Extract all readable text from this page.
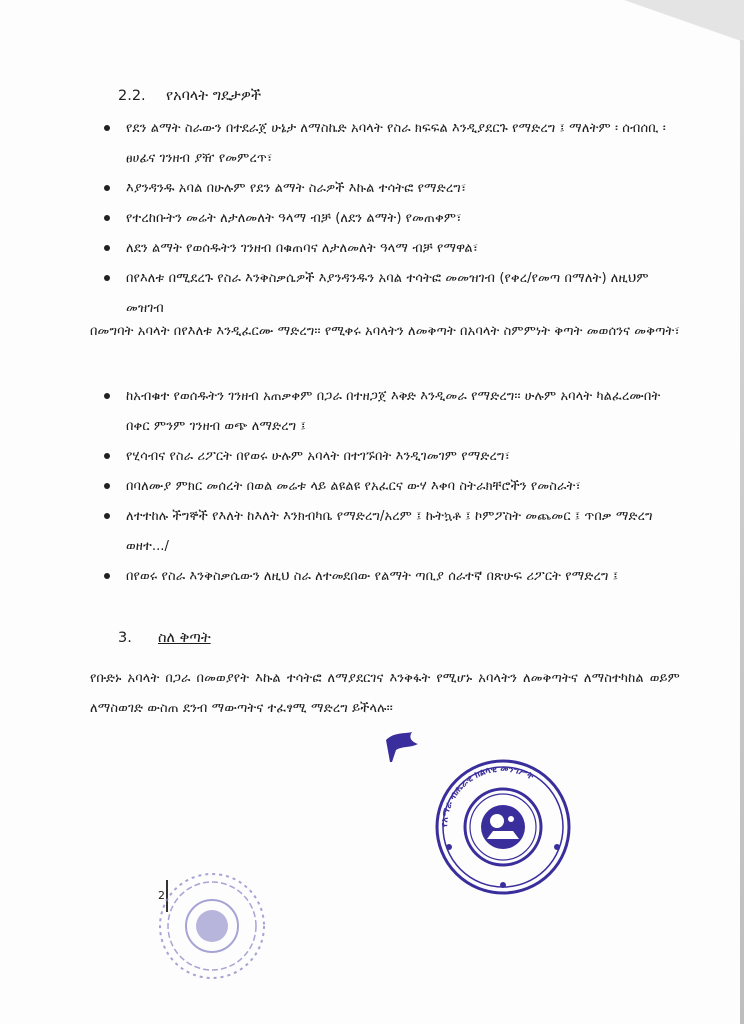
2.2. የአባላት ግዴታዎች
የደን ልማት ስራውን በተደራጀ ሁኔታ ለማስኬድ አባላት የስራ ክፍፍል እንዲያደርጉ የማድረግ ፤ ማለትም ፡ ሰብሰቢ ፡ ፀሀፊና ገንዘብ ያዥ የመምረጥ፣
እያንዳንዱ አባል በሁሉም የደን ልማት ስራዎች እኩል ተሳትፎ የማድረግ፣
የተረከቡትን መሬት ለታለመለት ዓላማ ብቻ (ለደን ልማት) የመጠቀም፣
ለደን ልማት የወሰዱትን ገንዘብ በቁጠባና ለታለመለት ዓላማ ብቻ የማዋል፣
በየእለቱ በሚደረጉ የስራ እንቅስቃሴዎች እያንዳንዱን አባል ተሳትፎ መመዝገብ (የቀረ/የመጣ በማለት) ለዚህም መዝገብ
በመግባት አባላት በየእለቱ እንዲፈርሙ ማድረግ፡፡ የሚቀሩ አባላትን ለመቅጣት በአባላት ስምምነት ቅጣት መወሰንና መቅጣት፣
ከአብቁተ የወሰዱትን ገንዘብ አጠቃቀም በጋራ በተዘጋጀ እቅድ እንዲመራ የማድረግ፡፡ ሁሉም አባላት ካልፈረሙበት በቀር ምንም ገንዘብ ወጭ ለማድረግ ፤
የሂሳብና የስራ ሪፖርት በየወሩ ሁሉም አባላት በተገኙበት እንዲገመገም የማድረግ፣
በባለሙያ ምክር መሰረት በወል መሬቱ ላይ ልዩልዩ የአፈርና ውሃ እቀባ ስትራክቸሮችን የመስራት፣
ለተተከሉ ችግኞች የእለት ከእለት እንክብካቤ የማድረግ/አረም ፤ ኩትኳቶ ፤ ኮምፖስት መጨመር ፤ ጥበቃ ማድረግ ወዘተ.../
በየወሩ የስራ እንቅስቃሴውን ለዚህ ስራ ለተመደበው የልማት ጣቢያ ሰራተኛ በጽሁፍ ሪፖርት የማድረግ ፤
3. ስለ ቅጣት
የቡድኑ አባላት በጋራ በመወያየት እኩል ተሳትፎ ለማያደርገና እንቅፋት የሚሆኑ አባላትን ለመቅጣትና ለማስተካከል ወይም ለማስወገድ ውስጠ ደንብ ማውጣትና ተፈፃሚ ማድረግ ይችላሉ፡፡
የአማራ ብሔራዊ ክልላዊ መንግሥት
2
